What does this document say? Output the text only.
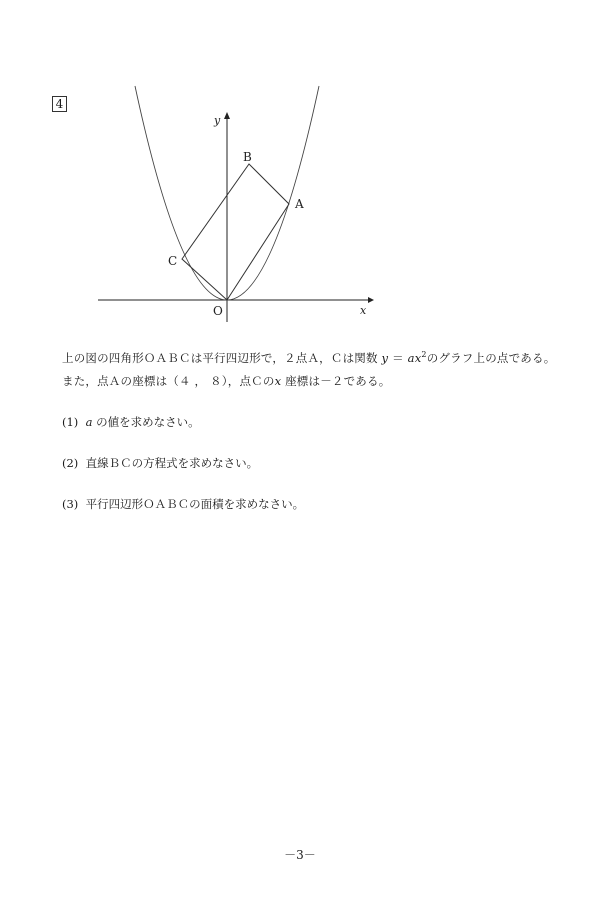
4
x
y
O
A
B
C
上の図の四角形ＯＡＢＣは平行四辺形で，２点Ａ，Ｃは関数 $y = ax^2$のグラフ上の点である。
また，点Ａの座標は（４ ， ８），点Ｃのx 座標は－２である。
(1) a の値を求めなさい。
(2) 直線ＢＣの方程式を求めなさい。
(3) 平行四辺形ＯＡＢＣの面積を求めなさい。
－3－
